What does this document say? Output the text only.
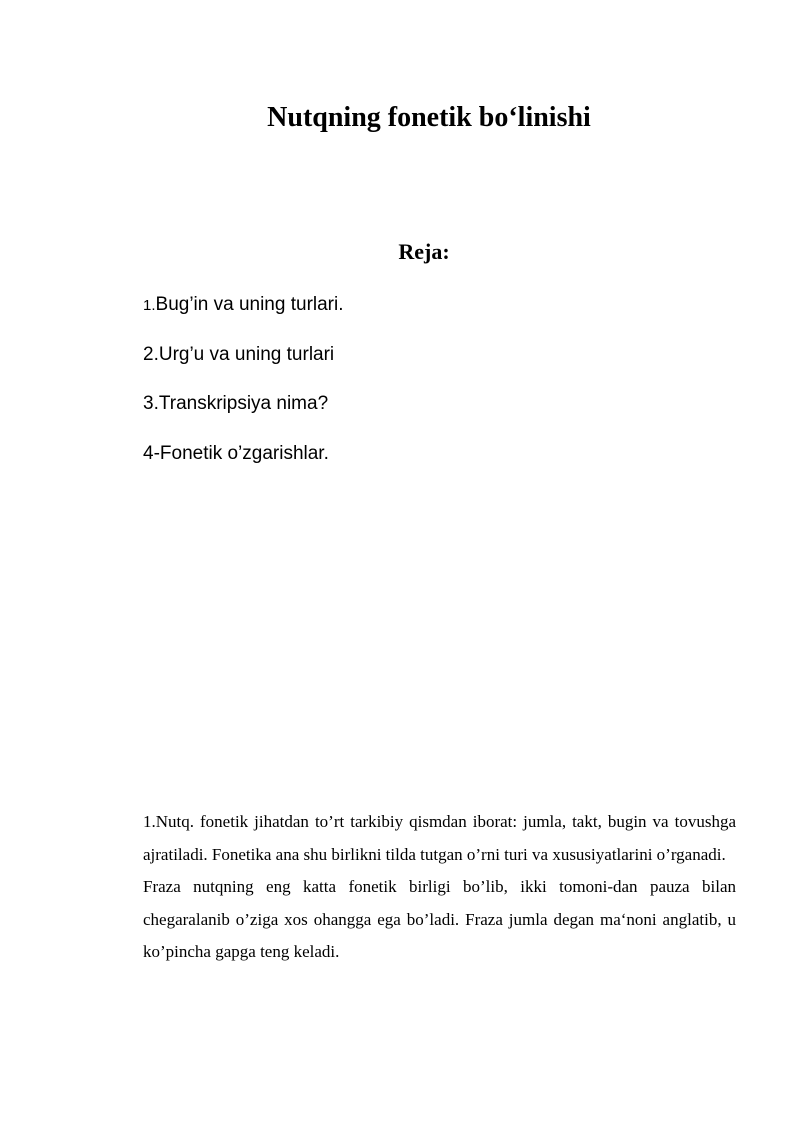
Nutqning fonetik bo‘linishi
Reja:
1.Bug’in va uning turlari.
2.Urg’u va uning turlari
3.Transkripsiya nima?
4-Fonetik o’zgarishlar.

1.Nutq. fonetik jihatdan to’rt tarkibiy qismdan iborat: jumla, takt, bugin va tovushga ajratiladi. Fonetika ana shu birlikni tilda tutgan o’rni turi va xususiyatlarini o’rganadi.

Fraza nutqning eng katta fonetik birligi bo’lib, ikki tomoni-dan pauza bilan chegaralanib o’ziga xos ohangga ega bo’ladi. Fraza jumla degan ma‘noni anglatib, u ko’pincha gapga teng keladi.
